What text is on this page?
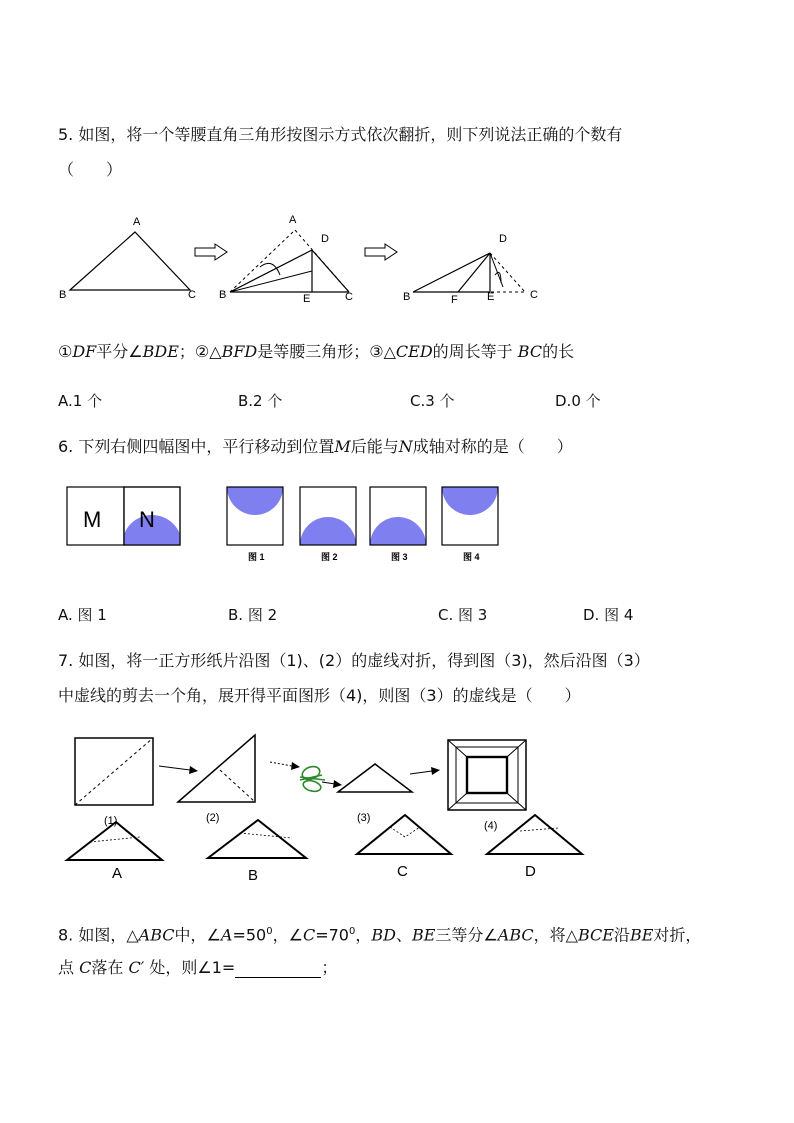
5. 如图，将一个等腰直角三角形按图示方式依次翻折，则下列说法正确的个数有
（　　）
A
B	C
A
D
B	E	C
D
B	F	E	C
①DF平分∠BDE；②△BFD是等腰三角形；③△CED的周长等于 BC的长
A.1 个	B.2 个	C.3 个	D.0 个
6. 下列右侧四幅图中，平行移动到位置M后能与N成轴对称的是（　　）
M N
图 1	图 2	图 3	图 4
A. 图 1	B. 图 2	C. 图 3	D. 图 4
7. 如图，将一正方形纸片沿图（1)、(2）的虚线对折，得到图（3)，然后沿图（3）
中虚线的剪去一个角，展开得平面图形（4)，则图（3）的虚线是（　　）
(1)	(2)	(3)
(4)
A	B	C	D
8. 如图，△ABC中，$\angle A=50^0$，$\angle C=70^0$，BD、BE三等分∠ABC，将△BCE沿BE对折，
点 C落在 C′ 处，则∠1=	；
